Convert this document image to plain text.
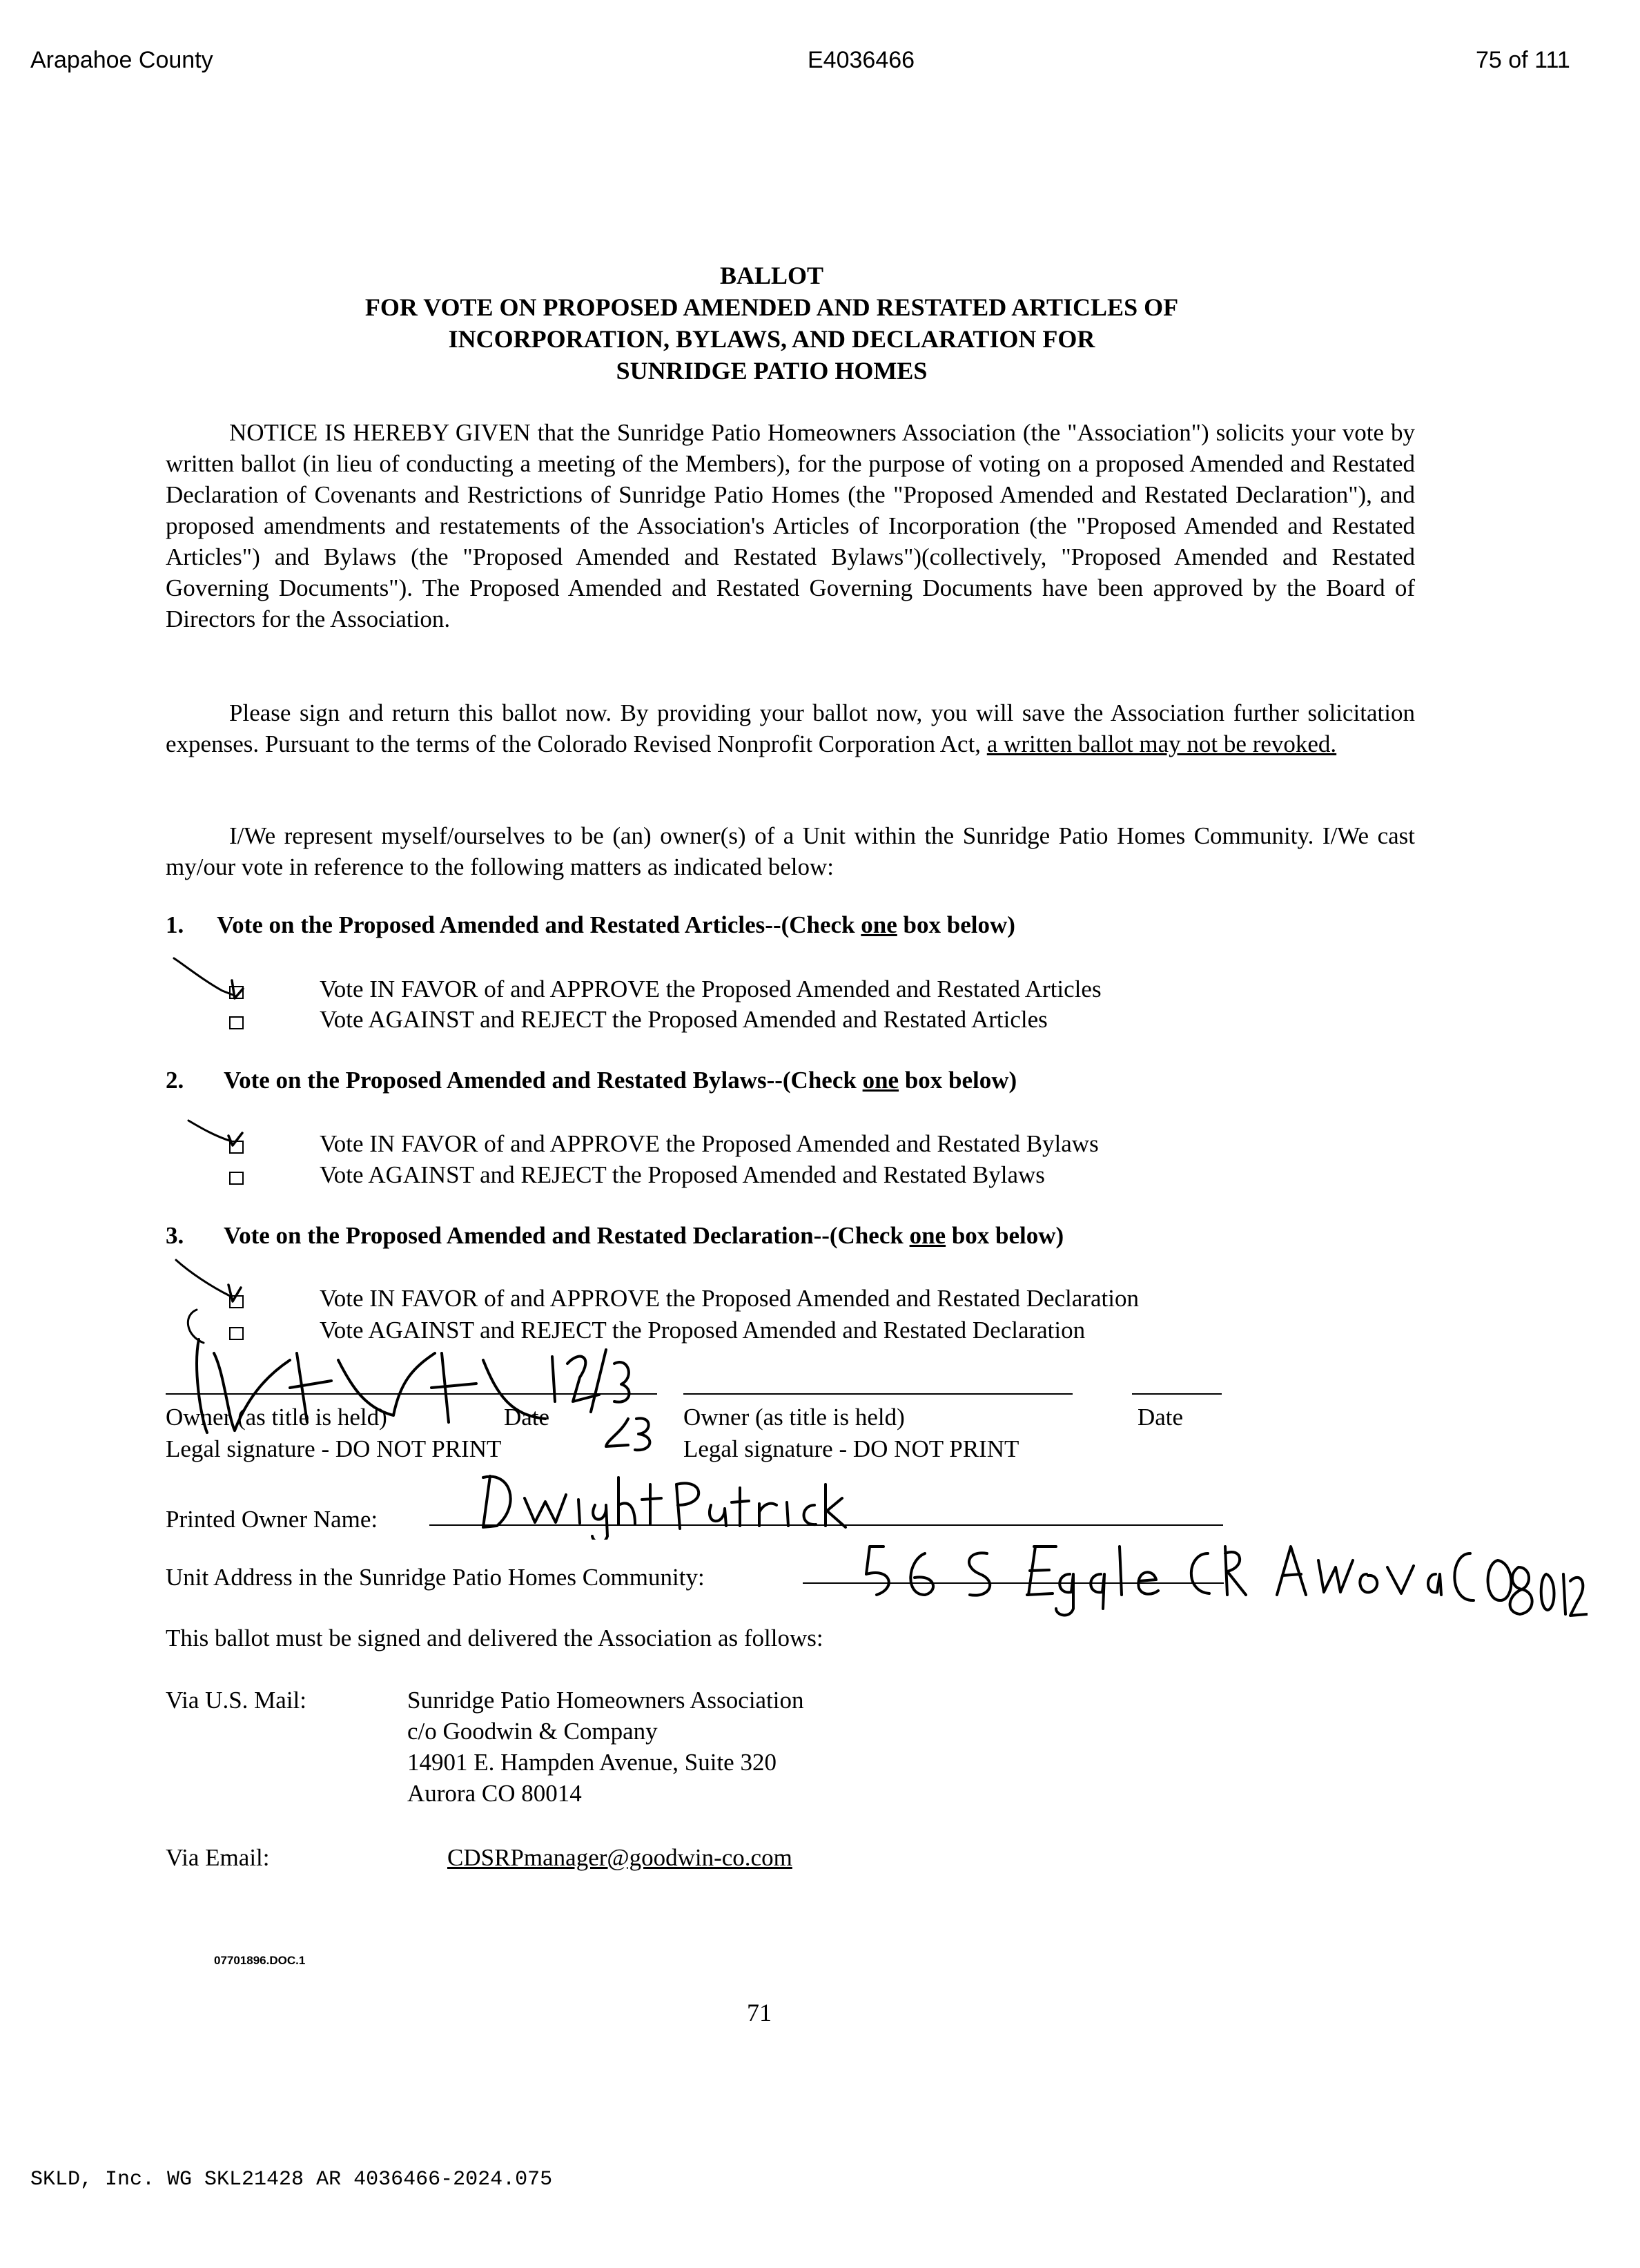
Arapahoe County	E4036466	75 of 111
BALLOT
FOR VOTE ON PROPOSED AMENDED AND RESTATED ARTICLES OF
INCORPORATION, BYLAWS, AND DECLARATION FOR
SUNRIDGE PATIO HOMES
NOTICE IS HEREBY GIVEN that the Sunridge Patio Homeowners Association (the "Association") solicits your vote by written ballot (in lieu of conducting a meeting of the Members), for the purpose of voting on a proposed Amended and Restated Declaration of Covenants and Restrictions of Sunridge Patio Homes (the "Proposed Amended and Restated Declaration"), and proposed amendments and restatements of the Association's Articles of Incorporation (the "Proposed Amended and Restated Articles") and Bylaws (the "Proposed Amended and Restated Bylaws")(collectively, "Proposed Amended and Restated Governing Documents"). The Proposed Amended and Restated Governing Documents have been approved by the Board of Directors for the Association.
Please sign and return this ballot now. By providing your ballot now, you will save the Association further solicitation expenses. Pursuant to the terms of the Colorado Revised Nonprofit Corporation Act, a written ballot may not be revoked.
I/We represent myself/ourselves to be (an) owner(s) of a Unit within the Sunridge Patio Homes Community. I/We cast my/our vote in reference to the following matters as indicated below:
1. Vote on the Proposed Amended and Restated Articles--(Check one box below)
Vote IN FAVOR of and APPROVE the Proposed Amended and Restated Articles
Vote AGAINST and REJECT the Proposed Amended and Restated Articles
2. Vote on the Proposed Amended and Restated Bylaws--(Check one box below)
Vote IN FAVOR of and APPROVE the Proposed Amended and Restated Bylaws
Vote AGAINST and REJECT the Proposed Amended and Restated Bylaws
3. Vote on the Proposed Amended and Restated Declaration--(Check one box below)
Vote IN FAVOR of and APPROVE the Proposed Amended and Restated Declaration
Vote AGAINST and REJECT the Proposed Amended and Restated Declaration
Owner (as title is held)	Date
Legal signature - DO NOT PRINT
Owner (as title is held)	Date
Legal signature - DO NOT PRINT
Printed Owner Name:
Unit Address in the Sunridge Patio Homes Community:
This ballot must be signed and delivered the Association as follows:
Via U.S. Mail:	Sunridge Patio Homeowners Association
c/o Goodwin & Company
14901 E. Hampden Avenue, Suite 320
Aurora CO 80014
Via Email:	CDSRPmanager@goodwin-co.com
07701896.DOC.1
71
SKLD, Inc. WG SKL21428 AR 4036466-2024.075
